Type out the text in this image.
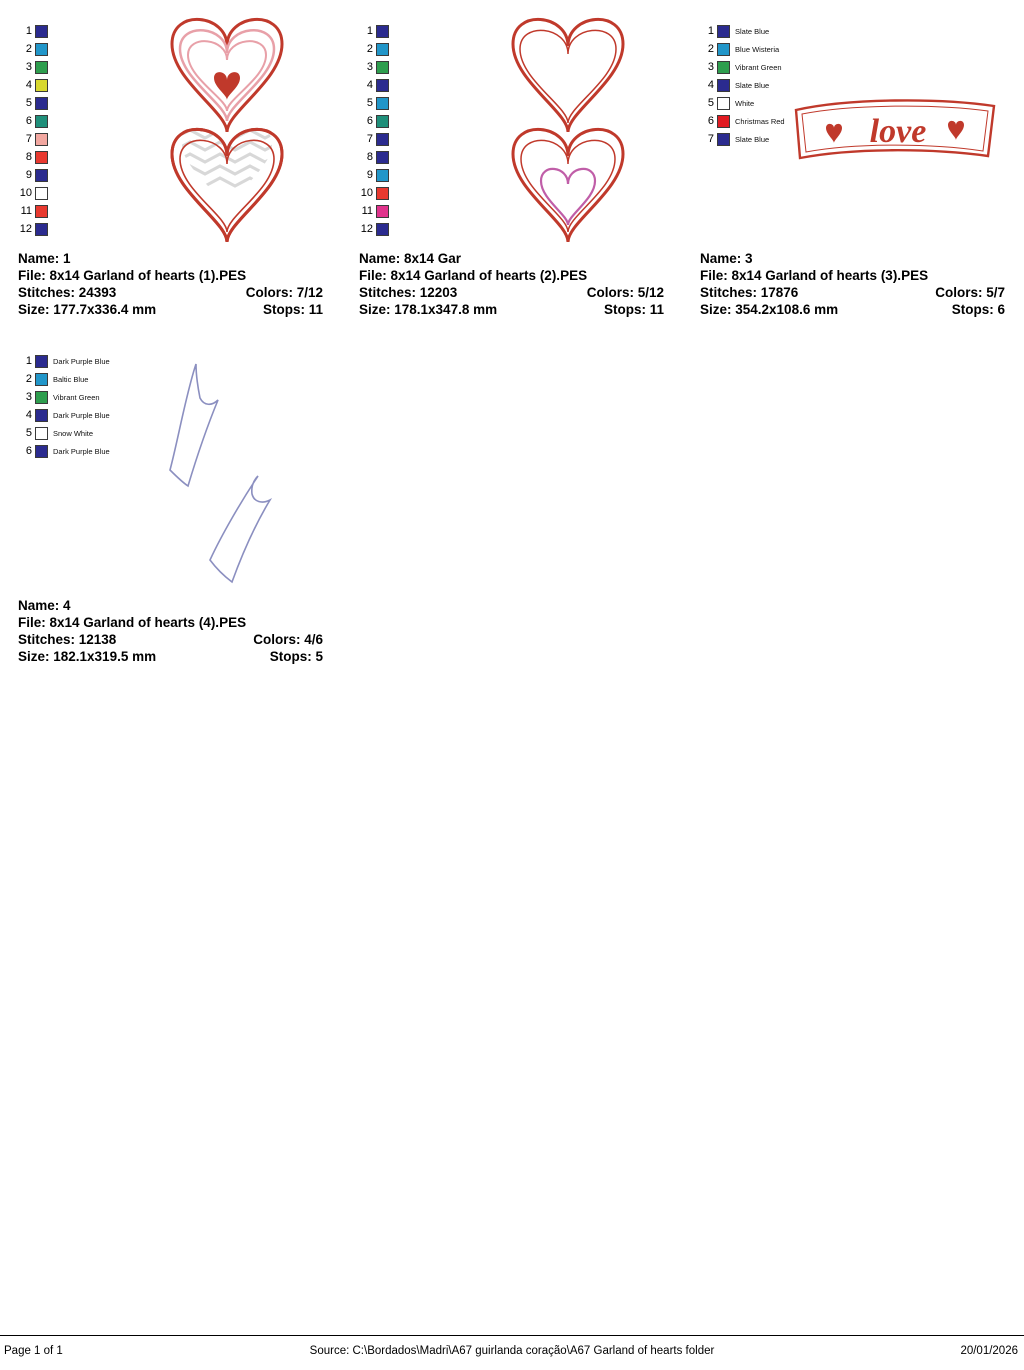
1
2
3
4
5
6
7
8
9
10
11
12
Name: 1
File: 8x14 Garland of hearts (1).PES
Stitches: 24393	Colors: 7/12
Size: 177.7x336.4 mm	Stops: 11
1
2
3
4
5
6
7
8
9
10
11
12
Name: 8x14 Gar
File: 8x14 Garland of hearts (2).PES
Stitches: 12203	Colors: 5/12
Size: 178.1x347.8 mm	Stops: 11
1	Slate Blue
2	Blue Wisteria
3	Vibrant Green
4	Slate Blue
5	White
6	Christmas Red
7	Slate Blue	love
Name: 3
File: 8x14 Garland of hearts (3).PES
Stitches: 17876	Colors: 5/7
Size: 354.2x108.6 mm	Stops: 6
1	Dark Purple Blue
2	Baltic Blue
3	Vibrant Green
4	Dark Purple Blue
5	Snow White
6	Dark Purple Blue
Name: 4
File: 8x14 Garland of hearts (4).PES
Stitches: 12138	Colors: 4/6
Size: 182.1x319.5 mm	Stops: 5
Page 1 of 1	Source: C:\Bordados\Madri\A67 guirlanda coração\A67 Garland of hearts folder	20/01/2026
